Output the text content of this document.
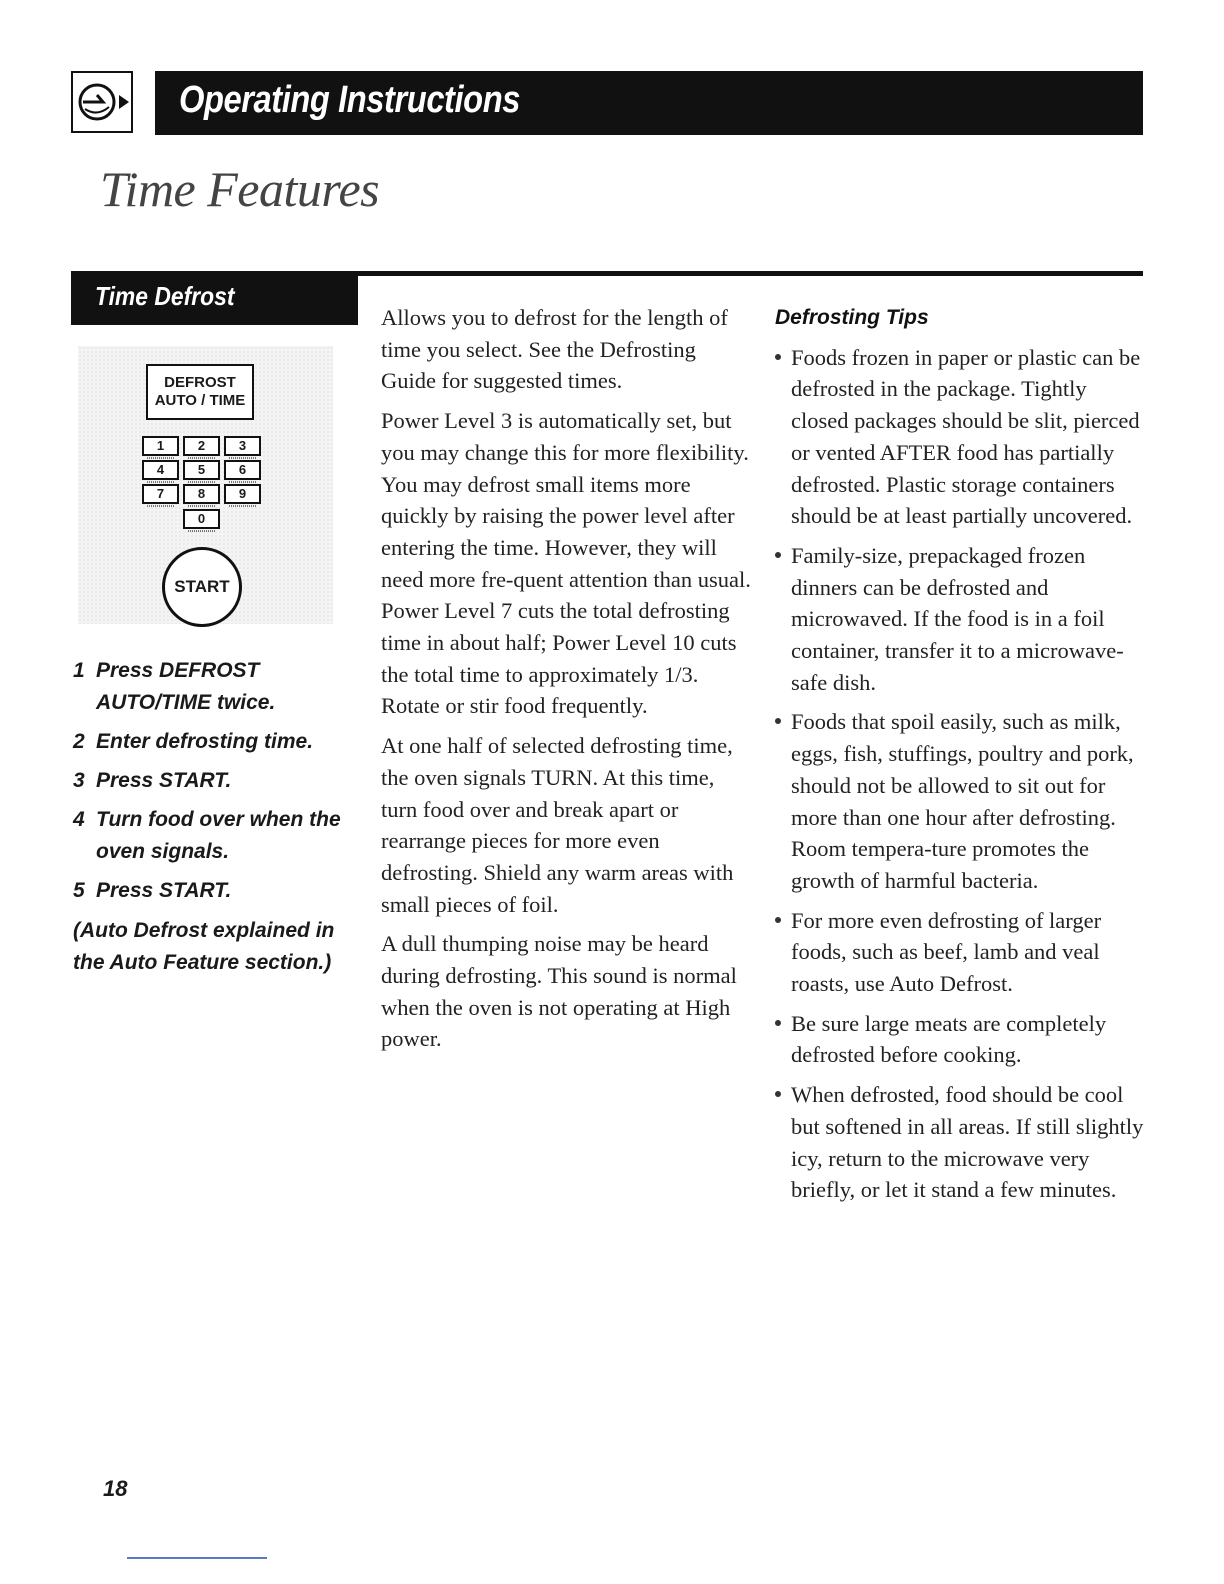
Operating Instructions
Time Features
Time Defrost
DEFROST
AUTO / TIME
1	2	3
4	5	6
7	8	9
0
START
1 Press DEFROST AUTO/TIME twice.
2 Enter defrosting time.
3 Press START.
4 Turn food over when the oven signals.
5 Press START.
(Auto Defrost explained in the Auto Feature section.)

Allows you to defrost for the length of time you select. See the Defrosting Guide for suggested times.

Power Level 3 is automatically set, but you may change this for more flexibility. You may defrost small items more quickly by raising the power level after entering the time. However, they will need more fre-quent attention than usual. Power Level 7 cuts the total defrosting time in about half; Power Level 10 cuts the total time to approximately 1/3. Rotate or stir food frequently.

At one half of selected defrosting time, the oven signals TURN. At this time, turn food over and break apart or rearrange pieces for more even defrosting. Shield any warm areas with small pieces of foil.

A dull thumping noise may be heard during defrosting. This sound is normal when the oven is not operating at High power.

Defrosting Tips
Foods frozen in paper or plastic can be defrosted in the package. Tightly closed packages should be slit, pierced or vented AFTER food has partially defrosted. Plastic storage containers should be at least partially uncovered.
Family-size, prepackaged frozen dinners can be defrosted and microwaved. If the food is in a foil container, transfer it to a microwave-safe dish.
Foods that spoil easily, such as milk, eggs, fish, stuffings, poultry and pork, should not be allowed to sit out for more than one hour after defrosting. Room tempera-ture promotes the growth of harmful bacteria.
For more even defrosting of larger foods, such as beef, lamb and veal roasts, use Auto Defrost.
Be sure large meats are completely defrosted before cooking.
When defrosted, food should be cool but softened in all areas. If still slightly icy, return to the microwave very briefly, or let it stand a few minutes.
18
